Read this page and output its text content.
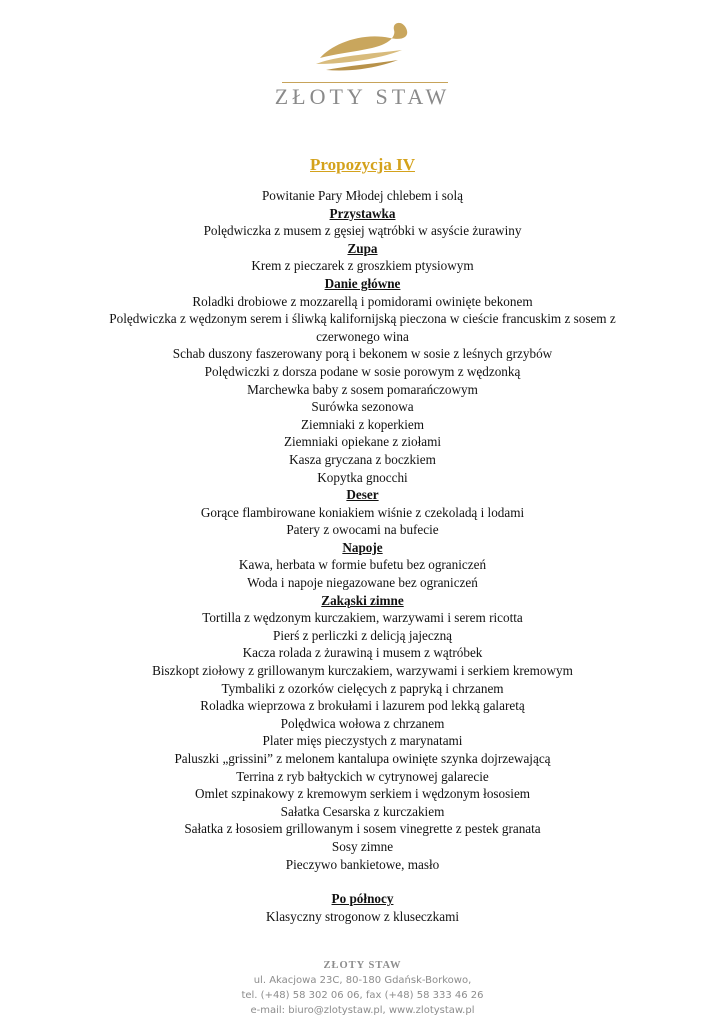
ZŁOTY STAW
Propozycja IV
Powitanie Pary Młodej chlebem i solą
Przystawka
Polędwiczka z musem z gęsiej wątróbki w asyście żurawiny
Zupa
Krem z pieczarek z groszkiem ptysiowym
Danie główne
Roladki drobiowe z mozzarellą i pomidorami owinięte bekonem
Polędwiczka z wędzonym serem i śliwką kalifornijską pieczona w cieście francuskim z sosem z czerwonego wina
Schab duszony faszerowany porą i bekonem w sosie z leśnych grzybów
Polędwiczki z dorsza podane w sosie porowym z wędzonką
Marchewka baby z sosem pomarańczowym
Surówka sezonowa
Ziemniaki z koperkiem
Ziemniaki opiekane z ziołami
Kasza gryczana z boczkiem
Kopytka gnocchi
Deser
Gorące flambirowane koniakiem wiśnie z czekoladą i lodami
Patery z owocami na bufecie
Napoje
Kawa, herbata w formie bufetu bez ograniczeń
Woda i napoje niegazowane bez ograniczeń
Zakąski zimne
Tortilla z wędzonym kurczakiem, warzywami i serem ricotta
Pierś z perliczki z delicją jajeczną
Kacza rolada z żurawiną i musem z wątróbek
Biszkopt ziołowy z grillowanym kurczakiem, warzywami i serkiem kremowym
Tymbaliki z ozorków cielęcych z papryką i chrzanem
Roladka wieprzowa z brokułami i lazurem pod lekką galaretą
Polędwica wołowa z chrzanem
Plater mięs pieczystych z marynatami
Paluszki „grissini” z melonem kantalupa owinięte szynka dojrzewającą
Terrina z ryb bałtyckich w cytrynowej galarecie
Omlet szpinakowy z kremowym serkiem i wędzonym łososiem
Sałatka Cesarska z kurczakiem
Sałatka z łososiem grillowanym i sosem vinegrette z pestek granata
Sosy zimne
Pieczywo bankietowe, masło
Po północy
Klasyczny strogonow z kluseczkami
ZŁOTY STAW
ul. Akacjowa 23C, 80-180 Gdańsk-Borkowo,
tel. (+48) 58 302 06 06, fax (+48) 58 333 46 26
e-mail: biuro@zlotystaw.pl, www.zlotystaw.pl
